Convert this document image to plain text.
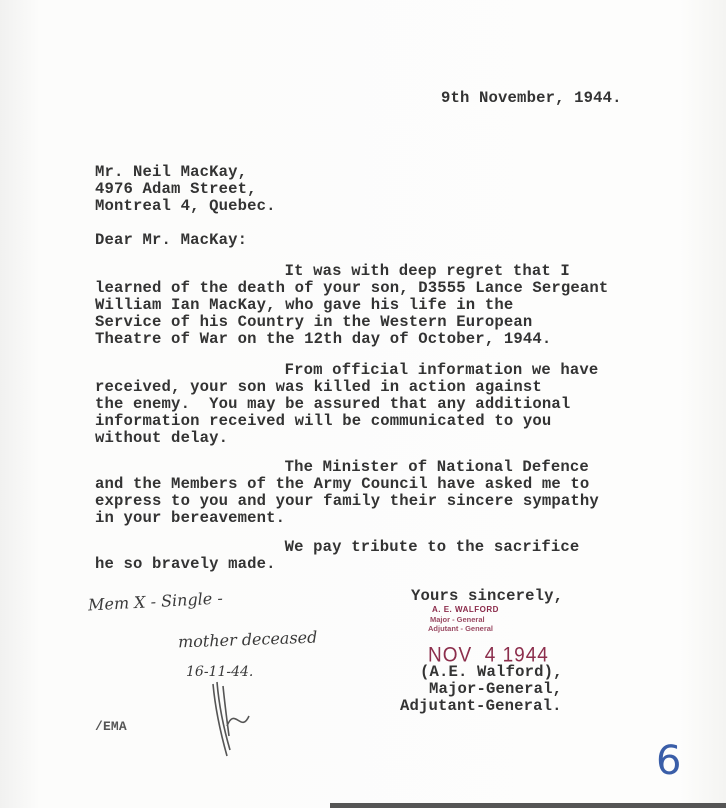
9th November, 1944.
Mr. Neil MacKay,
4976 Adam Street,
Montreal 4, Quebec.
Dear Mr. MacKay:
It was with deep regret that I
learned of the death of your son, D3555 Lance Sergeant
William Ian MacKay, who gave his life in the
Service of his Country in the Western European
Theatre of War on the 12th day of October, 1944.
From official information we have
received, your son was killed in action against
the enemy.  You may be assured that any additional
information received will be communicated to you
without delay.
The Minister of National Defence
and the Members of the Army Council have asked me to
express to you and your family their sincere sympathy
in your bereavement.
We pay tribute to the sacrifice
he so bravely made.
Yours sincerely,
A. E. WALFORD
Major - General
Adjutant - General
NOV  4 1944
(A.E. Walford),
Major-General,
Adjutant-General.
/EMA
Mem X - Single -
mother deceased
16-11-44.
6
